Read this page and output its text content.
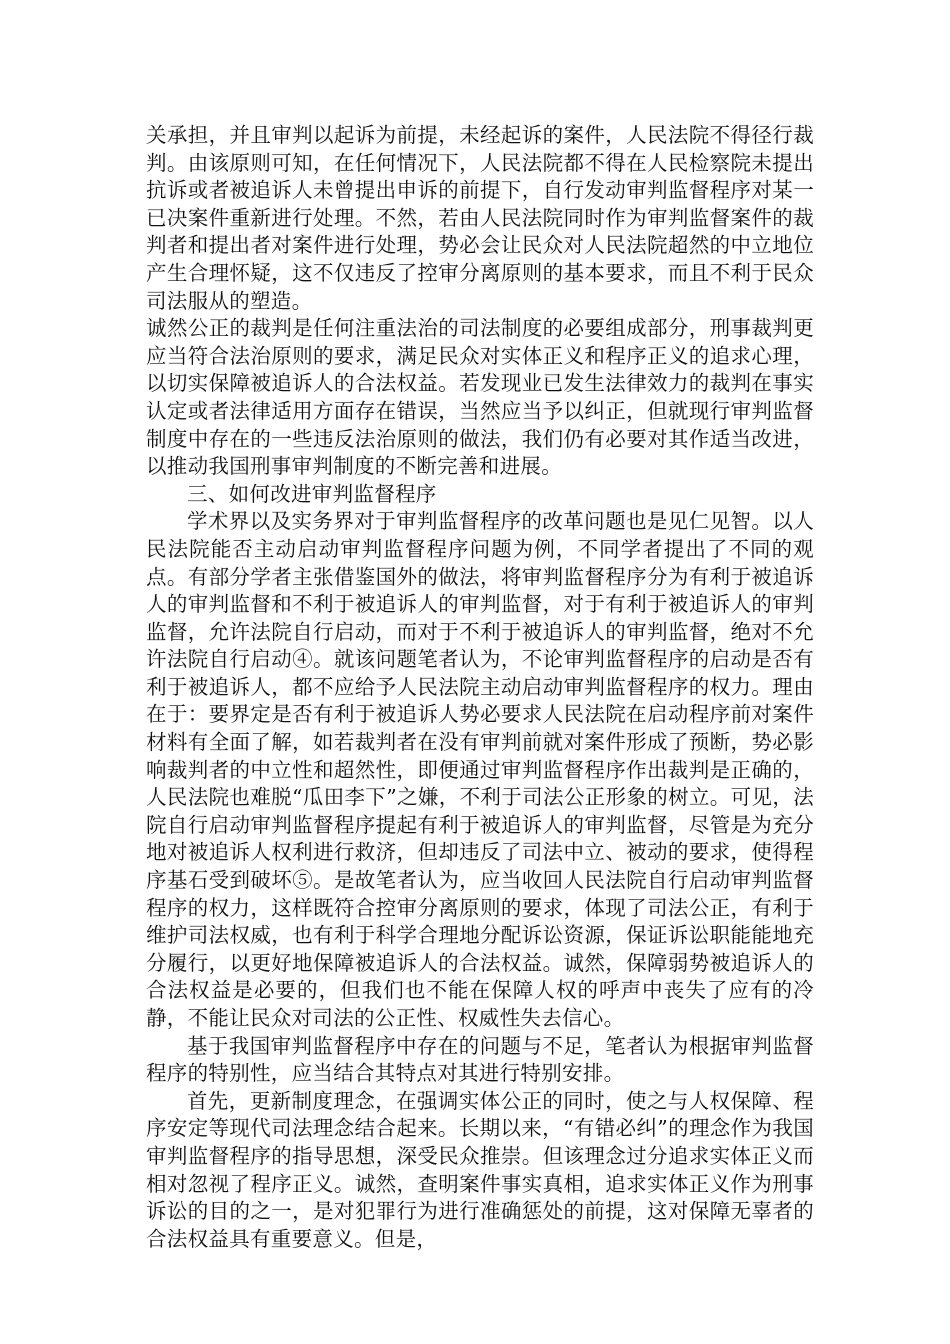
关承担，并且审判以起诉为前提，未经起诉的案件，人民法院不得径行裁判。由该原则可知，在任何情况下，人民法院都不得在人民检察院未提出抗诉或者被追诉人未曾提出申诉的前提下，自行发动审判监督程序对某一已决案件重新进行处理。不然，若由人民法院同时作为审判监督案件的裁判者和提出者对案件进行处理，势必会让民众对人民法院超然的中立地位产生合理怀疑，这不仅违反了控审分离原则的基本要求，而且不利于民众司法服从的塑造。

诚然公正的裁判是任何注重法治的司法制度的必要组成部分，刑事裁判更应当符合法治原则的要求，满足民众对实体正义和程序正义的追求心理，以切实保障被追诉人的合法权益。若发现业已发生法律效力的裁判在事实认定或者法律适用方面存在错误，当然应当予以纠正，但就现行审判监督制度中存在的一些违反法治原则的做法，我们仍有必要对其作适当改进，以推动我国刑事审判制度的不断完善和进展。

三、如何改进审判监督程序

学术界以及实务界对于审判监督程序的改革问题也是见仁见智。以人民法院能否主动启动审判监督程序问题为例，不同学者提出了不同的观点。有部分学者主张借鉴国外的做法，将审判监督程序分为有利于被追诉人的审判监督和不利于被追诉人的审判监督，对于有利于被追诉人的审判监督，允许法院自行启动，而对于不利于被追诉人的审判监督，绝对不允许法院自行启动④。就该问题笔者认为，不论审判监督程序的启动是否有利于被追诉人，都不应给予人民法院主动启动审判监督程序的权力。理由在于：要界定是否有利于被追诉人势必要求人民法院在启动程序前对案件材料有全面了解，如若裁判者在没有审判前就对案件形成了预断，势必影响裁判者的中立性和超然性，即便通过审判监督程序作出裁判是正确的，人民法院也难脱“瓜田李下”之嫌，不利于司法公正形象的树立。可见，法院自行启动审判监督程序提起有利于被追诉人的审判监督，尽管是为充分地对被追诉人权利进行救济，但却违反了司法中立、被动的要求，使得程序基石受到破坏⑤。是故笔者认为，应当收回人民法院自行启动审判监督程序的权力，这样既符合控审分离原则的要求，体现了司法公正，有利于维护司法权威，也有利于科学合理地分配诉讼资源，保证诉讼职能能地充分履行，以更好地保障被追诉人的合法权益。诚然，保障弱势被追诉人的合法权益是必要的，但我们也不能在保障人权的呼声中丧失了应有的冷静，不能让民众对司法的公正性、权威性失去信心。

基于我国审判监督程序中存在的问题与不足，笔者认为根据审判监督程序的特别性，应当结合其特点对其进行特别安排。

首先，更新制度理念，在强调实体公正的同时，使之与人权保障、程序安定等现代司法理念结合起来。长期以来，“有错必纠”的理念作为我国审判监督程序的指导思想，深受民众推崇。但该理念过分追求实体正义而相对忽视了程序正义。诚然，查明案件事实真相，追求实体正义作为刑事诉讼的目的之一，是对犯罪行为进行准确惩处的前提，这对保障无辜者的合法权益具有重要意义。但是，
